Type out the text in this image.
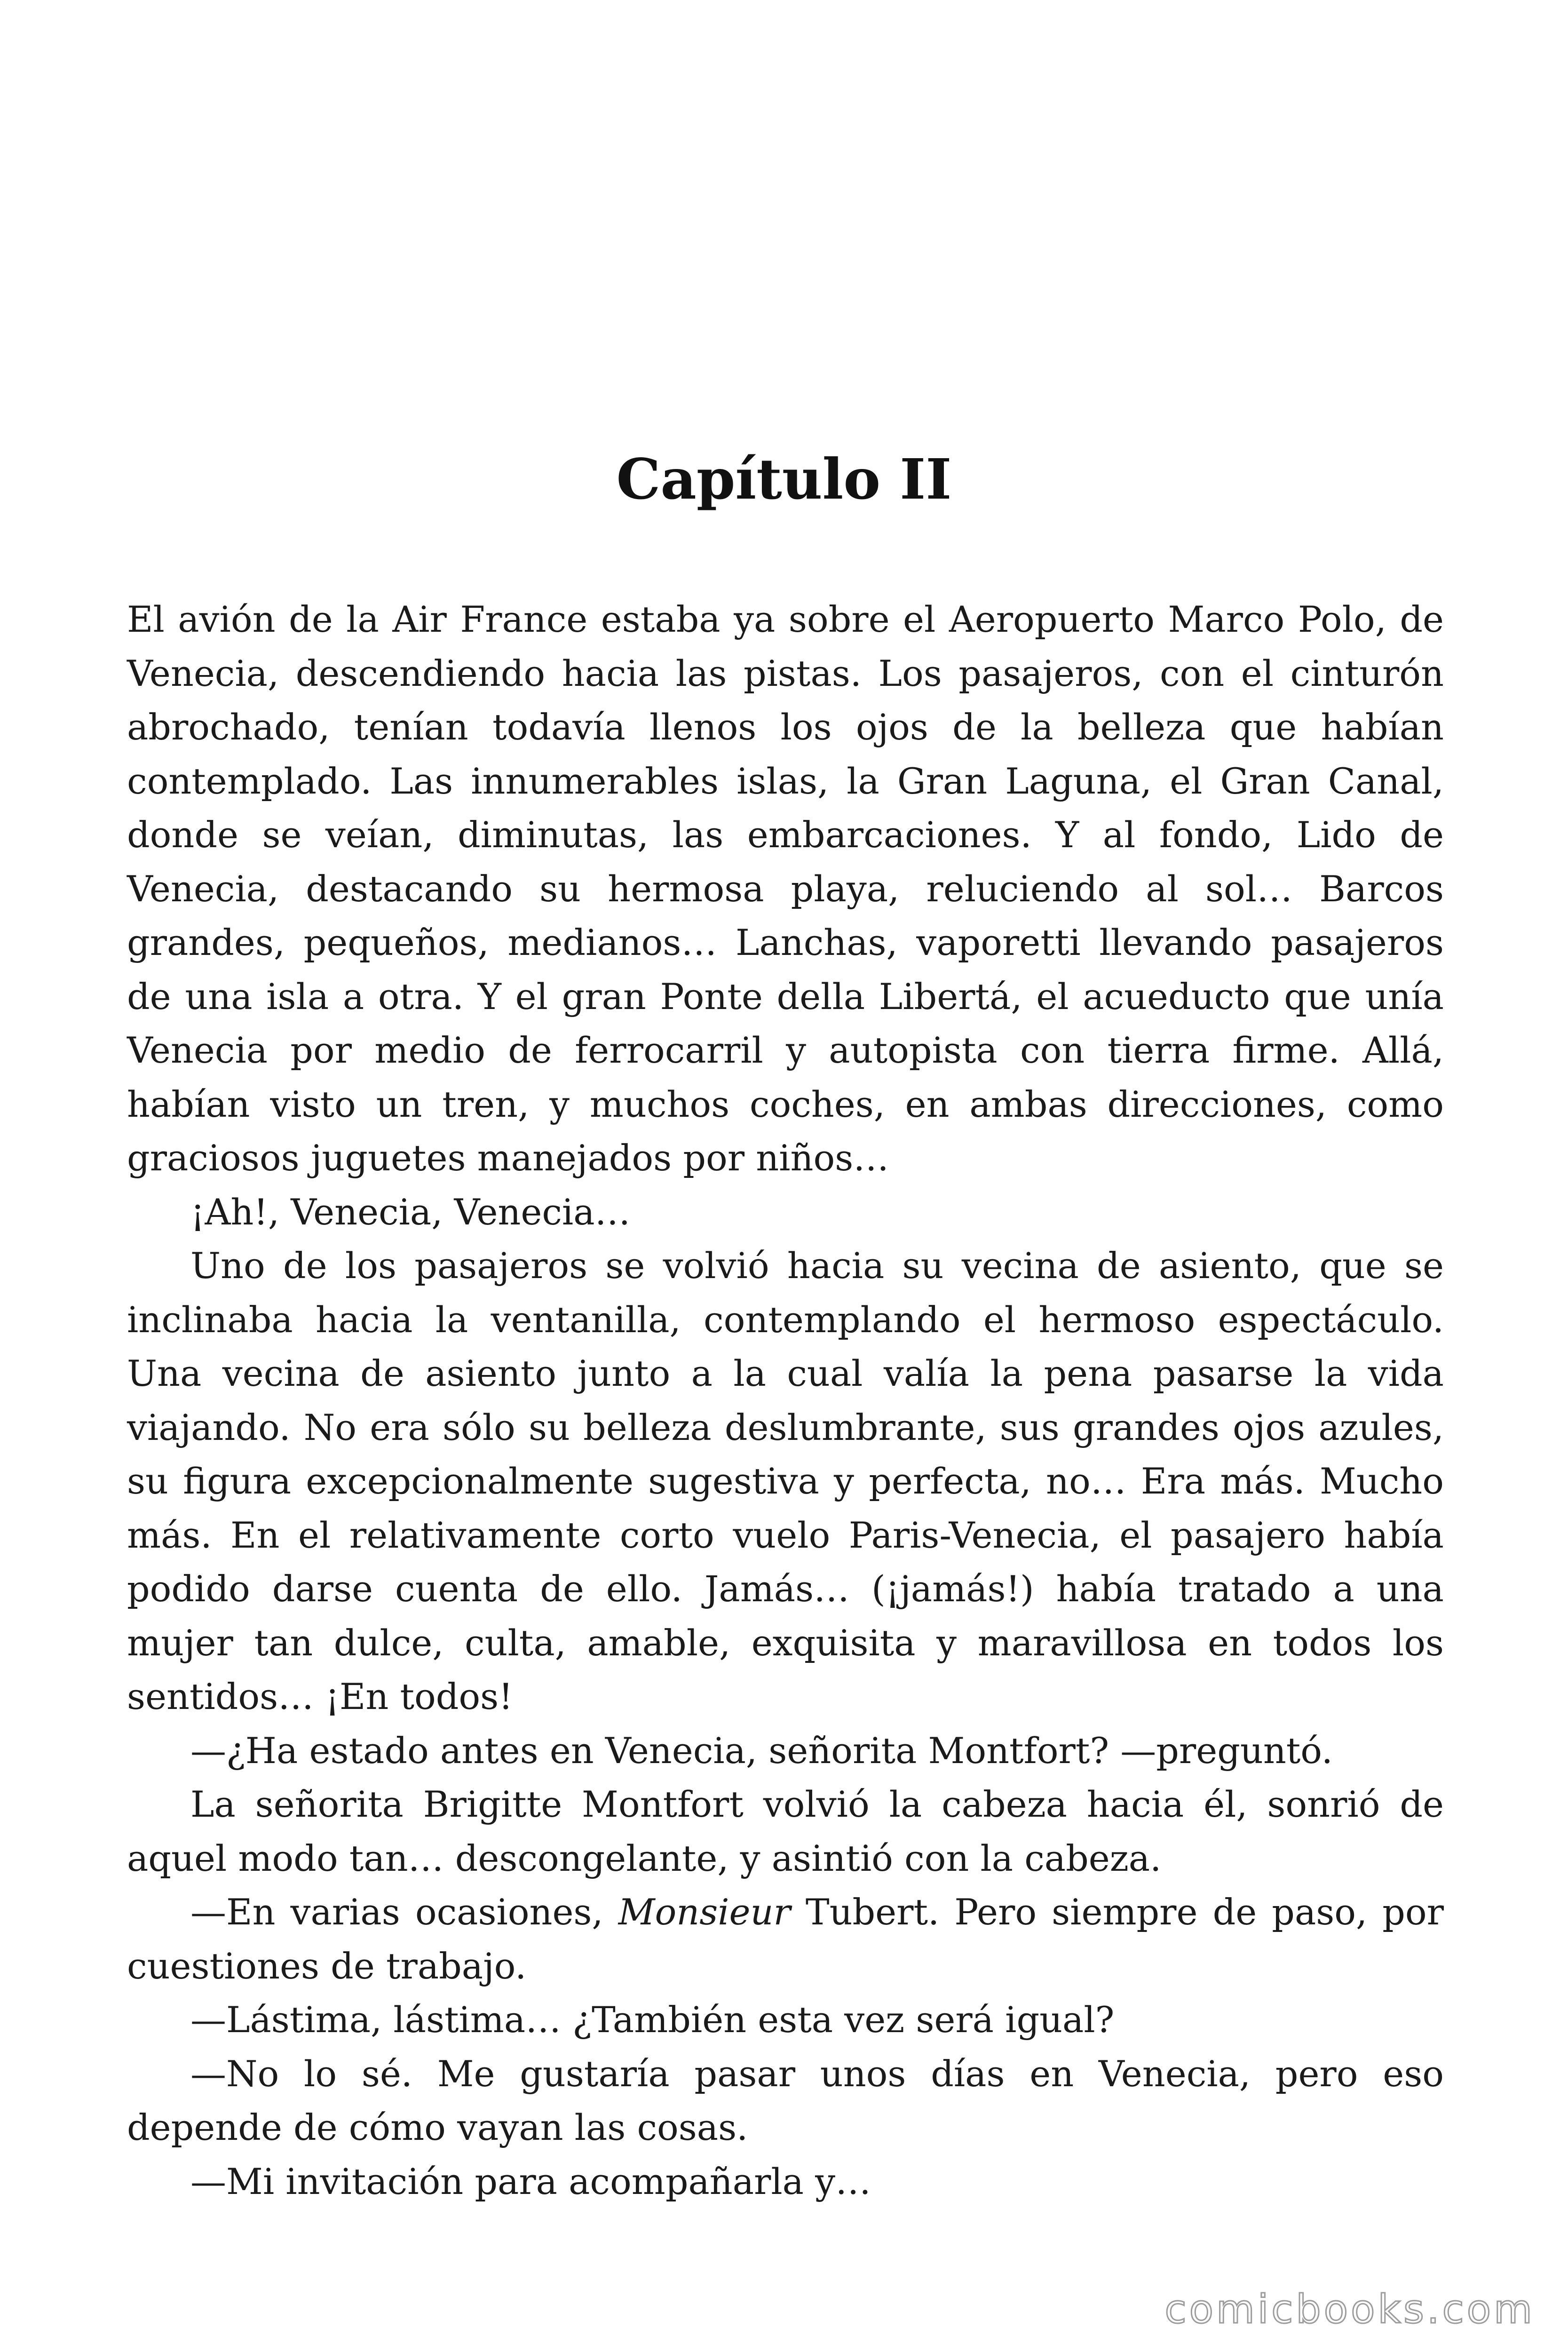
Capítulo II

El avión de la Air France estaba ya sobre el Aeropuerto Marco Polo, de Venecia, descendiendo hacia las pistas. Los pasajeros, con el cinturón abrochado, tenían todavía llenos los ojos de la belleza que habían contemplado. Las innumerables islas, la Gran Laguna, el Gran Canal, donde se veían, diminutas, las embarcaciones. Y al fondo, Lido de Venecia, destacando su hermosa playa, reluciendo al sol… Barcos grandes, pequeños, medianos… Lanchas, vaporetti llevando pasajeros de una isla a otra. Y el gran Ponte della Libertá, el acueducto que unía Venecia por medio de ferrocarril y autopista con tierra firme. Allá, habían visto un tren, y muchos coches, en ambas direcciones, como graciosos juguetes manejados por niños…

¡Ah!, Venecia, Venecia…

Uno de los pasajeros se volvió hacia su vecina de asiento, que se inclinaba hacia la ventanilla, contemplando el hermoso espectáculo. Una vecina de asiento junto a la cual valía la pena pasarse la vida viajando. No era sólo su belleza deslumbrante, sus grandes ojos azules, su figura excepcionalmente sugestiva y perfecta, no… Era más. Mucho más. En el relativamente corto vuelo Paris-Venecia, el pasajero había podido darse cuenta de ello. Jamás… (¡jamás!) había tratado a una mujer tan dulce, culta, amable, exquisita y maravillosa en todos los sentidos… ¡En todos!

—¿Ha estado antes en Venecia, señorita Montfort? —preguntó.

La señorita Brigitte Montfort volvió la cabeza hacia él, sonrió de aquel modo tan… descongelante, y asintió con la cabeza.

—En varias ocasiones, Monsieur Tubert. Pero siempre de paso, por cuestiones de trabajo.

—Lástima, lástima… ¿También esta vez será igual?

—No lo sé. Me gustaría pasar unos días en Venecia, pero eso depende de cómo vayan las cosas.

—Mi invitación para acompañarla y…

comicbooks.com
